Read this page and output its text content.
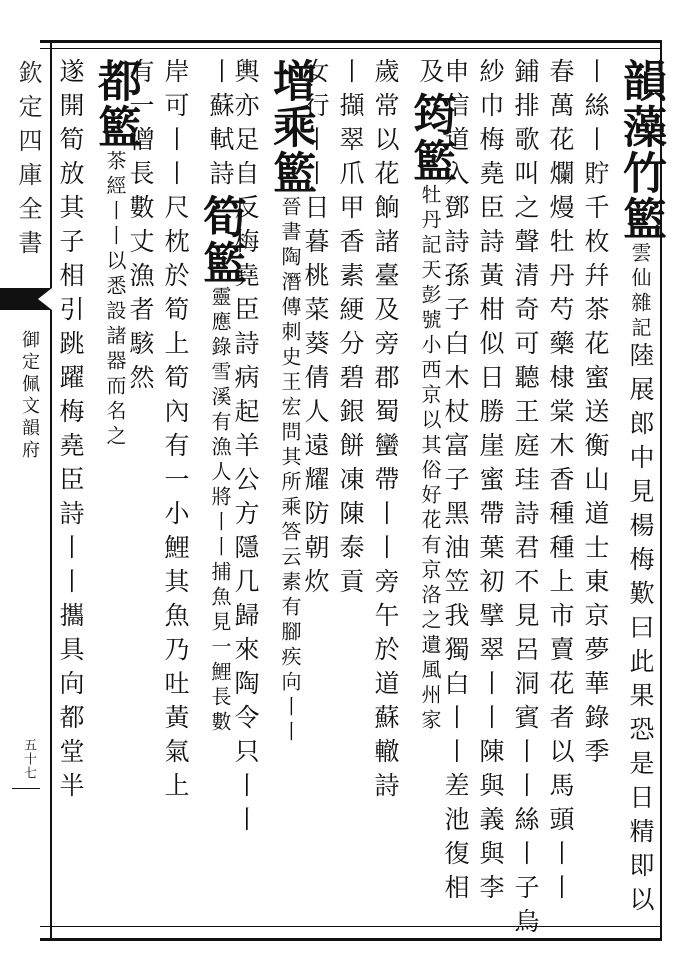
欽定四庫全書
御定佩文韻府
五十七
韻藻竹籃雲仙雜記陸展郎中見楊梅歎曰此果恐是日精即以
丨絲丨貯千枚幷茶花蜜送衡山道士東京夢華錄季
春萬花爛熳牡丹芍藥棣棠木香種種上市賣花者以馬頭丨丨
鋪排歌叫之聲清奇可聽王庭珪詩君不見呂洞賓丨丨絲丨子烏
紗巾梅堯臣詩黃柑似日勝崖蜜帶葉初擘翠丨丨陳與義與李
申信道入鄧詩孫子白木杖富子黑油笠我獨白丨丨差池復相
及筠籃牡丹記天彭號小西京以其俗好花有京洛之遺風州家
歲常以花餉諸臺及旁郡蜀蠻帶丨丨旁午於道蘇轍詩
丨擷翠爪甲香素綆分碧銀餅凍陳泰貢
女行丨丨日暮桃菜葵倩人遠耀防朝炊
增乘籃晉書陶潛傳刺史王宏問其所乘答云素有腳疾向丨丨
輿亦足自反梅堯臣詩病起羊公方隱几歸來陶令只丨丨
丨蘇軾詩筍籃靈應錄雪溪有漁人將丨丨捕魚見一鯉長數
岸可丨丨尺枕於筍上筍內有一小鯉其魚乃吐黃氣上
有一僧長數丈漁者駭然
都籃茶經丨丨以悉設諸器而名之
遂開筍放其子相引跳躍梅堯臣詩丨丨攜具向都堂半
